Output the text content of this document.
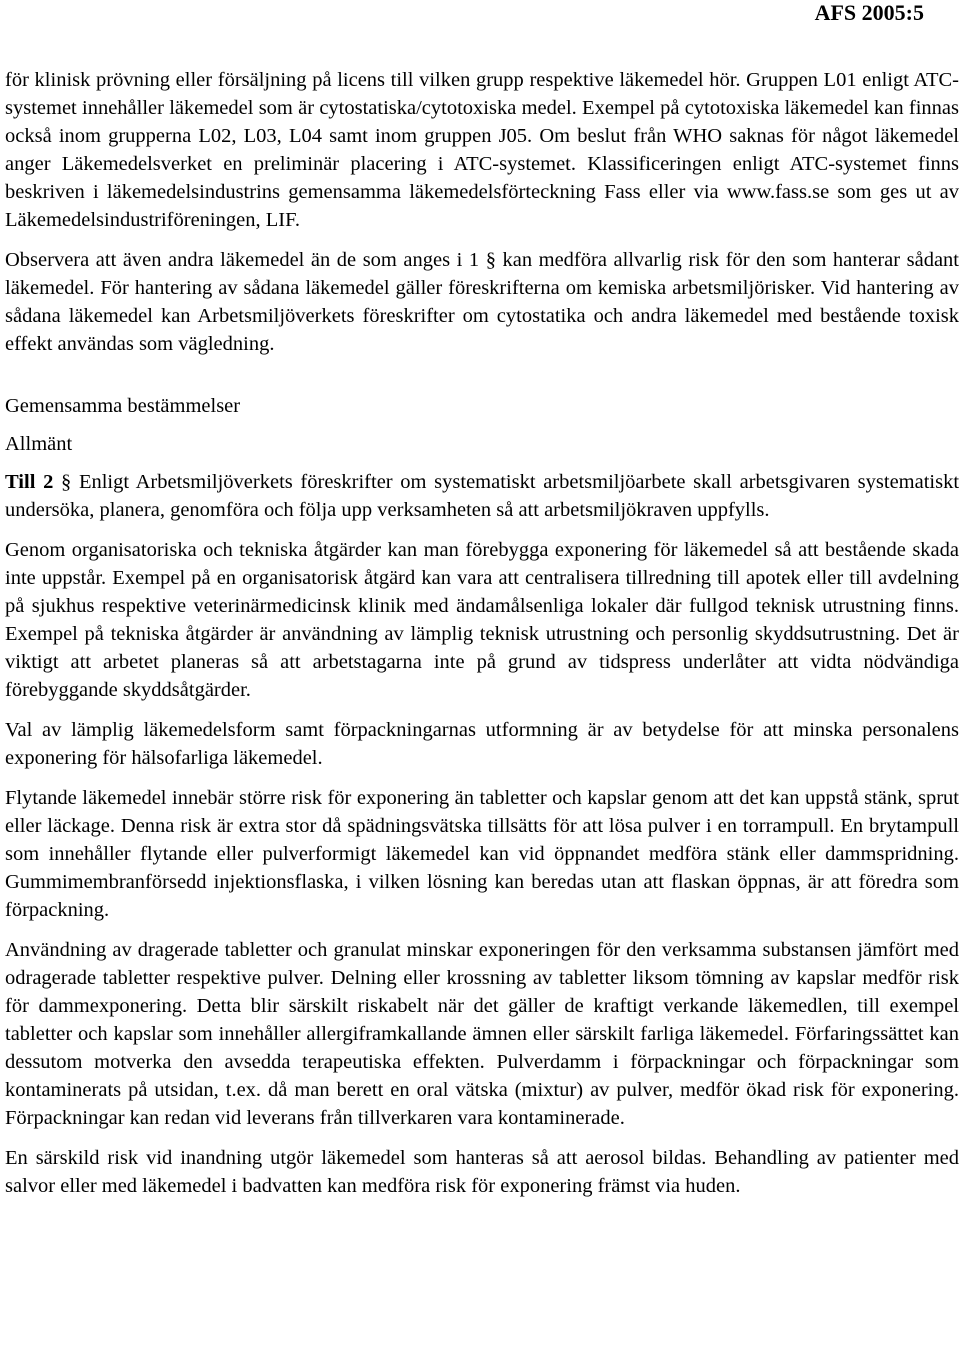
AFS 2005:5

för klinisk prövning eller försäljning på licens till vilken grupp respektive läkemedel hör. Gruppen L01 enligt ATC-systemet innehåller läkemedel som är cytostatiska/cytotoxiska medel. Exempel på cytotoxiska läkemedel kan finnas också inom grupperna L02, L03, L04 samt inom gruppen J05. Om beslut från WHO saknas för något läkemedel anger Läkemedelsverket en preliminär placering i ATC-systemet. Klassificeringen enligt ATC-systemet finns beskriven i läkemedelsindustrins gemensamma läkemedelsförteckning Fass eller via www.fass.se som ges ut av Läkemedelsindustriföreningen, LIF.

Observera att även andra läkemedel än de som anges i 1 § kan medföra allvarlig risk för den som hanterar sådant läkemedel. För hantering av sådana läkemedel gäller föreskrifterna om kemiska arbetsmiljörisker. Vid hantering av sådana läkemedel kan Arbetsmiljöverkets föreskrifter om cytostatika och andra läkemedel med bestående toxisk effekt användas som vägledning.

Gemensamma bestämmelser
Allmänt

Till 2 § Enligt Arbetsmiljöverkets föreskrifter om systematiskt arbetsmiljöarbete skall arbetsgivaren systematiskt undersöka, planera, genomföra och följa upp verksamheten så att arbetsmiljökraven uppfylls.

Genom organisatoriska och tekniska åtgärder kan man förebygga exponering för läkemedel så att bestående skada inte uppstår. Exempel på en organisatorisk åtgärd kan vara att centralisera tillredning till apotek eller till avdelning på sjukhus respektive veterinärmedicinsk klinik med ändamålsenliga lokaler där fullgod teknisk utrustning finns. Exempel på tekniska åtgärder är användning av lämplig teknisk utrustning och personlig skyddsutrustning. Det är viktigt att arbetet planeras så att arbetstagarna inte på grund av tidspress underlåter att vidta nödvändiga förebyggande skyddsåtgärder.

Val av lämplig läkemedelsform samt förpackningarnas utformning är av betydelse för att minska personalens exponering för hälsofarliga läkemedel.

Flytande läkemedel innebär större risk för exponering än tabletter och kapslar genom att det kan uppstå stänk, sprut eller läckage. Denna risk är extra stor då spädningsvätska tillsätts för att lösa pulver i en torrampull. En brytampull som innehåller flytande eller pulverformigt läkemedel kan vid öppnandet medföra stänk eller dammspridning. Gummimembranförsedd injektionsflaska, i vilken lösning kan beredas utan att flaskan öppnas, är att föredra som förpackning.

Användning av dragerade tabletter och granulat minskar exponeringen för den verksamma substansen jämfört med odragerade tabletter respektive pulver. Delning eller krossning av tabletter liksom tömning av kapslar medför risk för dammexponering. Detta blir särskilt riskabelt när det gäller de kraftigt verkande läkemedlen, till exempel tabletter och kapslar som innehåller allergiframkallande ämnen eller särskilt farliga läkemedel. Förfaringssättet kan dessutom motverka den avsedda terapeutiska effekten. Pulverdamm i förpackningar och förpackningar som kontaminerats på utsidan, t.ex. då man berett en oral vätska (mixtur) av pulver, medför ökad risk för exponering. Förpackningar kan redan vid leverans från tillverkaren vara kontaminerade.

En särskild risk vid inandning utgör läkemedel som hanteras så att aerosol bildas. Behandling av patienter med salvor eller med läkemedel i badvatten kan medföra risk för exponering främst via huden.
